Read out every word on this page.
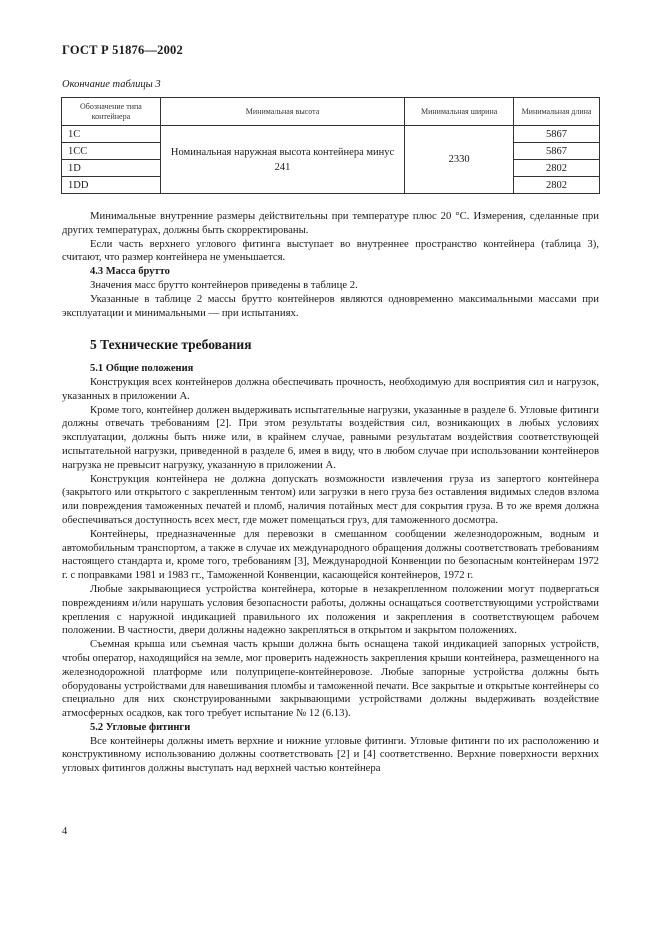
ГОСТ Р 51876—2002
Окончание таблицы 3
Обозначение типа контейнера	Минимальная высота	Минимальная ширина	Минимальная длина
1C	Номинальная наружная высота контейнера минус 241	2330	5867
1CC			5867
1D			2802
1DD			2802

Минимальные внутренние размеры действительны при температуре плюс 20 °С. Измерения, сделанные при других температурах, должны быть скорректированы.

Если часть верхнего углового фитинга выступает во внутреннее пространство контейнера (таблица 3), считают, что размер контейнера не уменьшается.

4.3 Масса брутто

Значения масс брутто контейнеров приведены в таблице 2.

Указанные в таблице 2 массы брутто контейнеров являются одновременно максимальными массами при эксплуатации и минимальными — при испытаниях.

5 Технические требования
5.1 Общие положения

Конструкция всех контейнеров должна обеспечивать прочность, необходимую для восприятия сил и нагрузок, указанных в приложении А.

Кроме того, контейнер должен выдерживать испытательные нагрузки, указанные в разделе 6. Угловые фитинги должны отвечать требованиям [2]. При этом результаты воздействия сил, возникающих в любых условиях эксплуатации, должны быть ниже или, в крайнем случае, равными результатам воздействия соответствующей испытательной нагрузки, приведенной в разделе 6, имея в виду, что в любом случае при использовании контейнеров нагрузка не превысит нагрузку, указанную в приложении А.

Конструкция контейнера не должна допускать возможности извлечения груза из запертого контейнера (закрытого или открытого с закрепленным тентом) или загрузки в него груза без оставления видимых следов взлома или повреждения таможенных печатей и пломб, наличия потайных мест для сокрытия груза. В то же время должна обеспечиваться доступность всех мест, где может помещаться груз, для таможенного досмотра.

Контейнеры, предназначенные для перевозки в смешанном сообщении железнодорожным, водным и автомобильным транспортом, а также в случае их международного обращения должны соответствовать требованиям настоящего стандарта и, кроме того, требованиям [3], Международной Конвенции по безопасным контейнерам 1972 г. с поправками 1981 и 1983 гг., Таможенной Конвенции, касающейся контейнеров, 1972 г.

Любые закрывающиеся устройства контейнера, которые в незакрепленном положении могут подвергаться повреждениям и/или нарушать условия безопасности работы, должны оснащаться соответствующими устройствами крепления с наружной индикацией правильного их положения и закрепления в соответствующем рабочем положении. В частности, двери должны надежно закрепляться в открытом и закрытом положениях.

Съемная крыша или съемная часть крыши должна быть оснащена такой индикацией запорных устройств, чтобы оператор, находящийся на земле, мог проверить надежность закрепления крыши контейнера, размещенного на железнодорожной платформе или полуприцепе-контейнеровозе. Любые запорные устройства должны быть оборудованы устройствами для навешивания пломбы и таможенной печати. Все закрытые и открытые контейнеры со специально для них сконструированными закрывающими устройствами должны выдерживать воздействие атмосферных осадков, как того требует испытание № 12 (6.13).

5.2 Угловые фитинги

Все контейнеры должны иметь верхние и нижние угловые фитинги. Угловые фитинги по их расположению и конструктивному использованию должны соответствовать [2] и [4] соответственно. Верхние поверхности верхних угловых фитингов должны выступать над верхней частью контейнера

4
